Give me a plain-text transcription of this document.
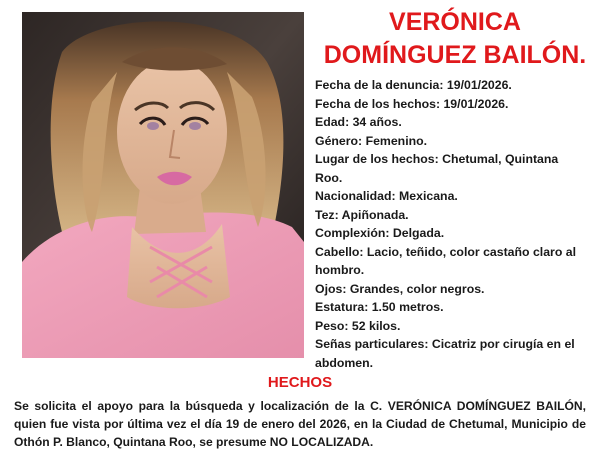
VERÓNICA
DOMÍNGUEZ BAILÓN.
Fecha de la denuncia: 19/01/2026.
Fecha de los hechos: 19/01/2026.
Edad: 34 años.
Género: Femenino.
Lugar de los hechos: Chetumal, Quintana Roo.
Nacionalidad: Mexicana.
Tez: Apiñonada.
Complexión: Delgada.
Cabello: Lacio, teñido, color castaño claro al hombro.
Ojos: Grandes, color negros.
Estatura: 1.50 metros.
Peso: 52 kilos.
Señas particulares: Cicatriz por cirugía en el abdomen.
HECHOS
Se solicita el apoyo para la búsqueda y localización de la C. VERÓNICA DOMÍNGUEZ BAILÓN, quien fue vista por última vez el día 19 de enero del 2026, en la Ciudad de Chetumal, Municipio de Othón P. Blanco, Quintana Roo, se presume NO LOCALIZADA.
